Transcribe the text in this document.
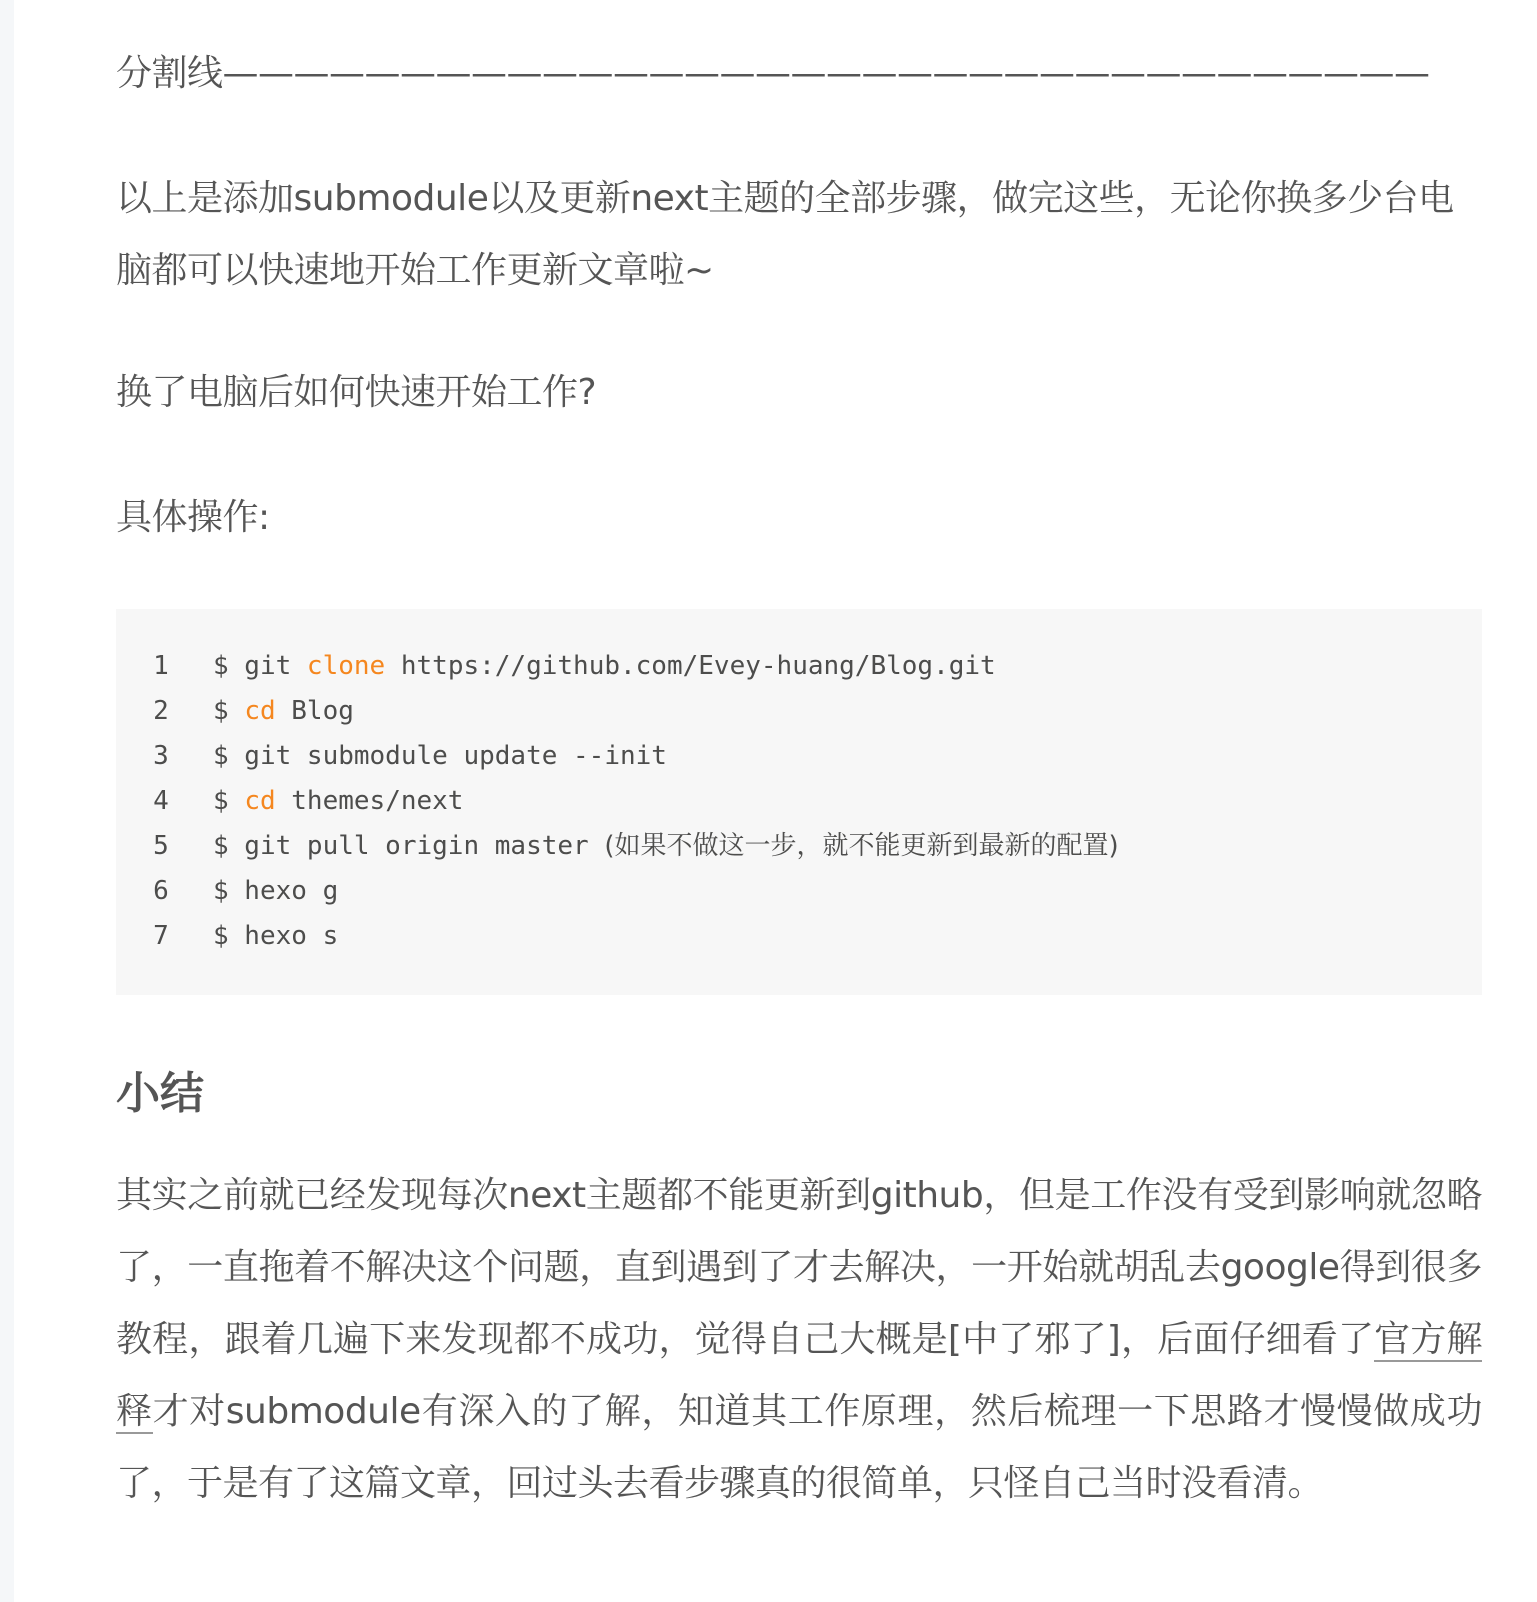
分割线——————————————————————————————————

以上是添加submodule以及更新next主题的全部步骤，做完这些，无论你换多少台电脑都可以快速地开始工作更新文章啦~

换了电脑后如何快速开始工作?

具体操作:

1
2
3
4
5
6
7
$ git clone https://github.com/Evey-huang/Blog.git
$ cd Blog
$ git submodule update --init
$ cd themes/next
$ git pull origin master (如果不做这一步，就不能更新到最新的配置)
$ hexo g
$ hexo s
小结

其实之前就已经发现每次next主题都不能更新到github，但是工作没有受到影响就忽略了，一直拖着不解决这个问题，直到遇到了才去解决，一开始就胡乱去google得到很多教程，跟着几遍下来发现都不成功，觉得自己大概是[中了邪了]，后面仔细看了官方解释才对submodule有深入的了解，知道其工作原理，然后梳理一下思路才慢慢做成功了，于是有了这篇文章，回过头去看步骤真的很简单，只怪自己当时没看清。
